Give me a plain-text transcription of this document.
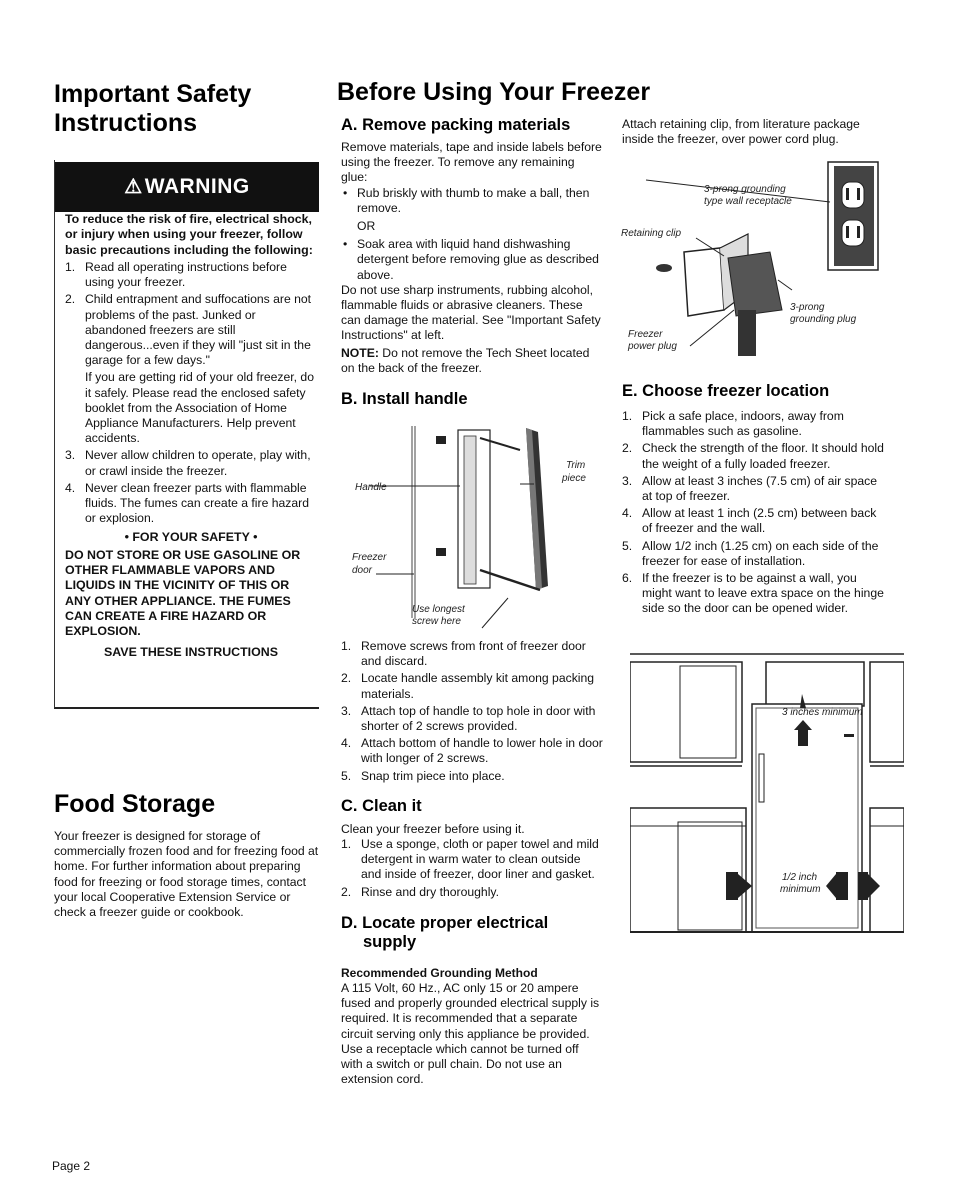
Important Safety
Instructions
⚠WARNING

To reduce the risk of fire, electrical shock, or injury when using your freezer, follow basic precautions including the following:

1. Read all operating instructions before using your freezer.
2. Child entrapment and suffocations are not problems of the past. Junked or abandoned freezers are still dangerous...even if they will "just sit in the garage for a few days."
If you are getting rid of your old freezer, do it safely. Please read the enclosed safety booklet from the Association of Home Appliance Manufacturers. Help prevent accidents.
3. Never allow children to operate, play with, or crawl inside the freezer.
4. Never clean freezer parts with flammable fluids. The fumes can create a fire hazard or explosion.

• FOR YOUR SAFETY •

DO NOT STORE OR USE GASOLINE OR OTHER FLAMMABLE VAPORS AND LIQUIDS IN THE VICINITY OF THIS OR ANY OTHER APPLIANCE. THE FUMES CAN CREATE A FIRE HAZARD OR EXPLOSION.

SAVE THESE INSTRUCTIONS

Food Storage

Your freezer is designed for storage of commercially frozen food and for freezing food at home. For further information about preparing food for freezing or food storage times, contact your local Cooperative Extension Service or check a freezer guide or cookbook.

Page 2
Before Using Your Freezer
A. Remove packing materials

Remove materials, tape and inside labels before using the freezer. To remove any remaining glue:

• Rub briskly with thumb to make a ball, then remove.

OR

• Soak area with liquid hand dishwashing detergent before removing glue as described above.

Do not use sharp instruments, rubbing alcohol, flammable fluids or abrasive cleaners. These can damage the material. See "Important Safety Instructions" at left.

NOTE: Do not remove the Tech Sheet located on the back of the freezer.

B. Install handle
Handle
Trim
piece
Freezer
door
Use longest
screw here
1. Remove screws from front of freezer door and discard.
2. Locate handle assembly kit among packing materials.
3. Attach top of handle to top hole in door with shorter of 2 screws provided.
4. Attach bottom of handle to lower hole in door with longer of 2 screws.
5. Snap trim piece into place.
C. Clean it

Clean your freezer before using it.

1. Use a sponge, cloth or paper towel and mild detergent in warm water to clean outside and inside of freezer, door liner and gasket.
2. Rinse and dry thoroughly.
D. Locate proper electrical
supply

Recommended Grounding Method

A 115 Volt, 60 Hz., AC only 15 or 20 ampere fused and properly grounded electrical supply is required. It is recommended that a separate circuit serving only this appliance be provided. Use a receptacle which cannot be turned off with a switch or pull chain. Do not use an extension cord.

Attach retaining clip, from literature package inside the freezer, over power cord plug.

3-prong grounding
type wall receptacle
Retaining clip
3-prong
grounding plug
Freezer
power plug
E. Choose freezer location
1. Pick a safe place, indoors, away from flammables such as gasoline.
2. Check the strength of the floor. It should hold the weight of a fully loaded freezer.
3. Allow at least 3 inches (7.5 cm) of air space at top of freezer.
4. Allow at least 1 inch (2.5 cm) between back of freezer and the wall.
5. Allow 1/2 inch (1.25 cm) on each side of the freezer for ease of installation.
6. If the freezer is to be against a wall, you might want to leave extra space on the hinge side so the door can be opened wider.
3 inches minimum
1/2 inch
minimum
